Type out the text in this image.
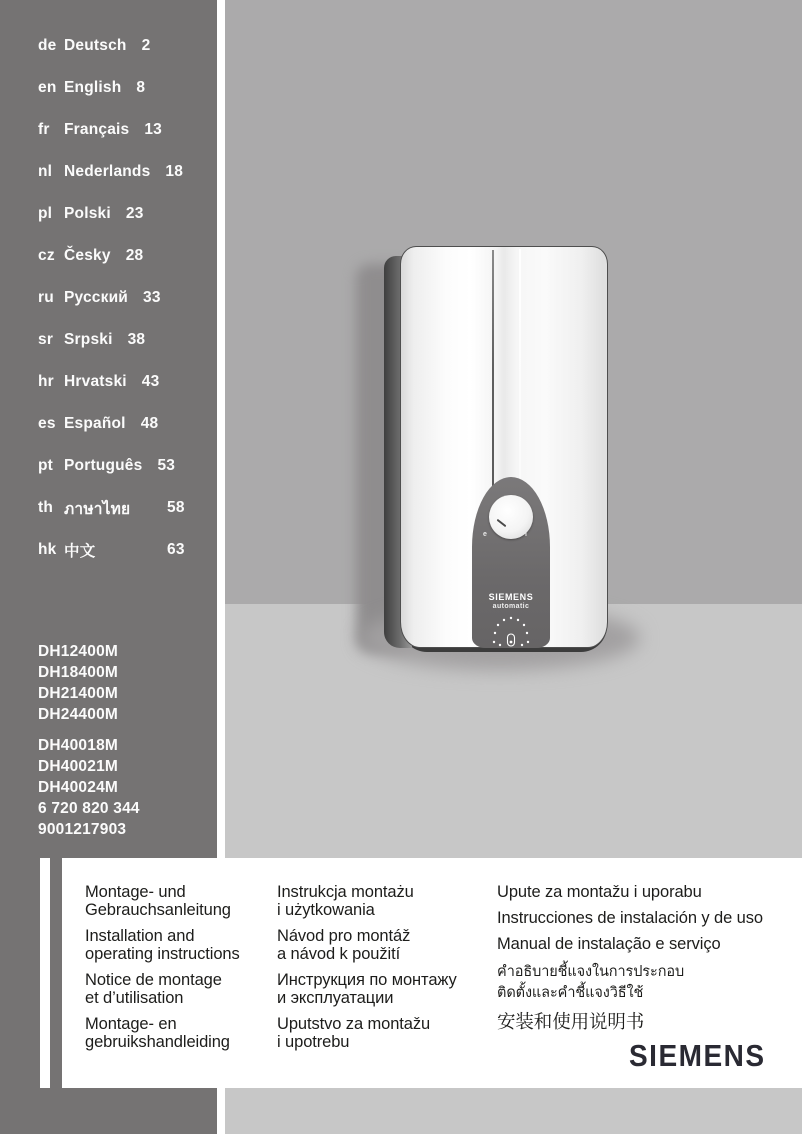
de Deutsch 2
en English 8
fr Français 13
nl Nederlands 18
pl Polski 23
cz Česky 28
ru Русский 33
sr Srpski 38
hr Hrvatski 43
es Español 48
pt Português 53
th ภาษาไทย	58
hk 中文	63
DH12400M
DH18400M
DH21400M
DH24400M
DH40018M
DH40021M
DH40024M
6 720 820 344
9001217903
e	I
SIEMENS
automatic
Montage- und
Gebrauchsanleitung
Installation and
operating instructions
Notice de montage
et d’utilisation
Montage- en
gebruikshandleiding
Instrukcja montażu
i użytkowania
Návod pro montáž
a návod k použití
Инструкция по монтажу
и эксплуатации
Uputstvo za montažu
i upotrebu
Upute za montažu i uporabu
Instrucciones de instalación y de uso
Manual de instalação e serviço
คำอธิบายชี้แจงในการประกอบ
ติดตั้งและคำชี้แจงวิธีใช้
安装和使用说明书
SIEMENS
